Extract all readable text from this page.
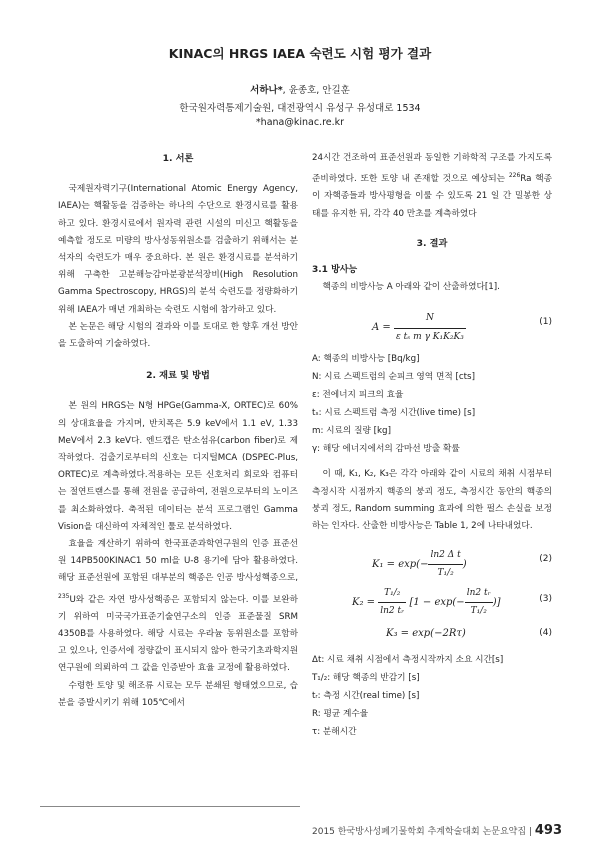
KINAC의 HRGS IAEA 숙련도 시험 평가 결과
서하나*, 윤종호, 안길훈
한국원자력통제기술원, 대전광역시 유성구 유성대로 1534
*hana@kinac.re.kr
1. 서론

국제원자력기구(International Atomic Energy Agency, IAEA)는 핵활동을 검증하는 하나의 수단으로 환경시료를 활용하고 있다. 환경시료에서 원자력 관련 시설의 미신고 핵활동을 예측할 정도로 미량의 방사성동위원소를 검출하기 위해서는 분석자의 숙련도가 매우 중요하다. 본 원은 환경시료를 분석하기 위해 구축한 고분해능감마분광분석장비(High Resolution Gamma Spectroscopy, HRGS)의 분석 숙련도를 정량화하기 위해 IAEA가 매년 개최하는 숙련도 시험에 참가하고 있다.

본 논문은 해당 시험의 결과와 이를 토대로 한 향후 개선 방안을 도출하여 기술하였다.

2. 재료 및 방법

본 원의 HRGS는 N형 HPGe(Gamma-X, ORTEC)로 60%의 상대효율을 가지며, 반치폭은 5.9 keV에서 1.1 eV, 1.33 MeV에서 2.3 keV다. 엔드캡은 탄소섬유(carbon fiber)로 제작하였다. 검출기로부터의 신호는 디지털MCA (DSPEC-Plus, ORTEC)로 계측하였다.적용하는 모든 신호처리 회로와 컴퓨터는 절연트랜스를 통해 전원을 공급하여, 전원으로부터의 노이즈를 최소화하였다. 축적된 데이터는 분석 프로그램인 Gamma Vision을 대신하여 자체적인 툴로 분석하였다.

효율을 계산하기 위하여 한국표준과학연구원의 인증 표준선원 14PB500KINAC1 50 ml을 U-8 용기에 담아 활용하였다. 해당 표준선원에 포함된 대부분의 핵종은 인공 방사성핵종으로, $^{235}$U와 같은 자연 방사성핵종은 포함되지 않는다. 이를 보완하기 위하여 미국국가표준기술연구소의 인증 표준물질 SRM 4350B를 사용하였다. 해당 시료는 우라늄 동위원소를 포함하고 있으나, 인증서에 정량값이 표시되지 않아 한국기초과학지원연구원에 의뢰하여 그 값을 인증받아 효율 교정에 활용하였다.

수령한 토양 및 해조류 시료는 모두 분쇄된 형태였으므로, 습분을 증발시키기 위해 105℃에서

24시간 건조하여 표준선원과 동일한 기하학적 구조를 가지도록 준비하였다. 또한 토양 내 존재할 것으로 예상되는 $^{226}$Ra 핵종이 자핵종들과 방사평형을 이룰 수 있도록 21 일 간 밀봉한 상태를 유지한 뒤, 각각 40 만초를 계측하였다

3. 결과
3.1 방사능

핵종의 비방사능 A 아래와 같이 산출하였다[1].

$A = \frac{N}{\text{ε tₛ m γ K₁K₂K₃}}$	(1)
A: 핵종의 비방사능 [Bq/kg]
N: 시료 스펙트럼의 순피크 영역 면적 [cts]
ε: 전에너지 피크의 효율
tₛ: 시료 스펙트럼 측정 시간(live time) [s]
m: 시료의 질량 [kg]
γ: 해당 에너지에서의 감마선 방출 확률

이 때, K₁, K₂, K₃은 각각 아래와 같이 시료의 채취 시점부터 측정시작 시점까지 핵종의 붕괴 정도, 측정시간 동안의 핵종의 붕괴 정도, Random summing 효과에 의한 펄스 손실을 보정하는 인자다. 산출한 비방사능은 Table 1, 2에 나타내었다.

$K_1 = \exp(- \frac{\text{ln2 Δ t}}{\text{T₁/₂}}$ )
(2)
$K_2 = \frac{\text{T₁/₂}}{\text{ln2 tᵣ}} [1 - \exp(- \frac{\text{ln2 tᵣ}}{\text{T₁/₂}}$ )]	(3)
K₃ = exp(−2Rτ)	(4)
Δt: 시료 채취 시점에서 측정시작까지 소요 시간[s]
T₁/₂: 해당 핵종의 반감기 [s]
tᵣ: 측정 시간(real time) [s]
R: 평균 계수율
τ: 분해시간
2015 한국방사성폐기물학회 추계학술대회 논문요약집 | 493
